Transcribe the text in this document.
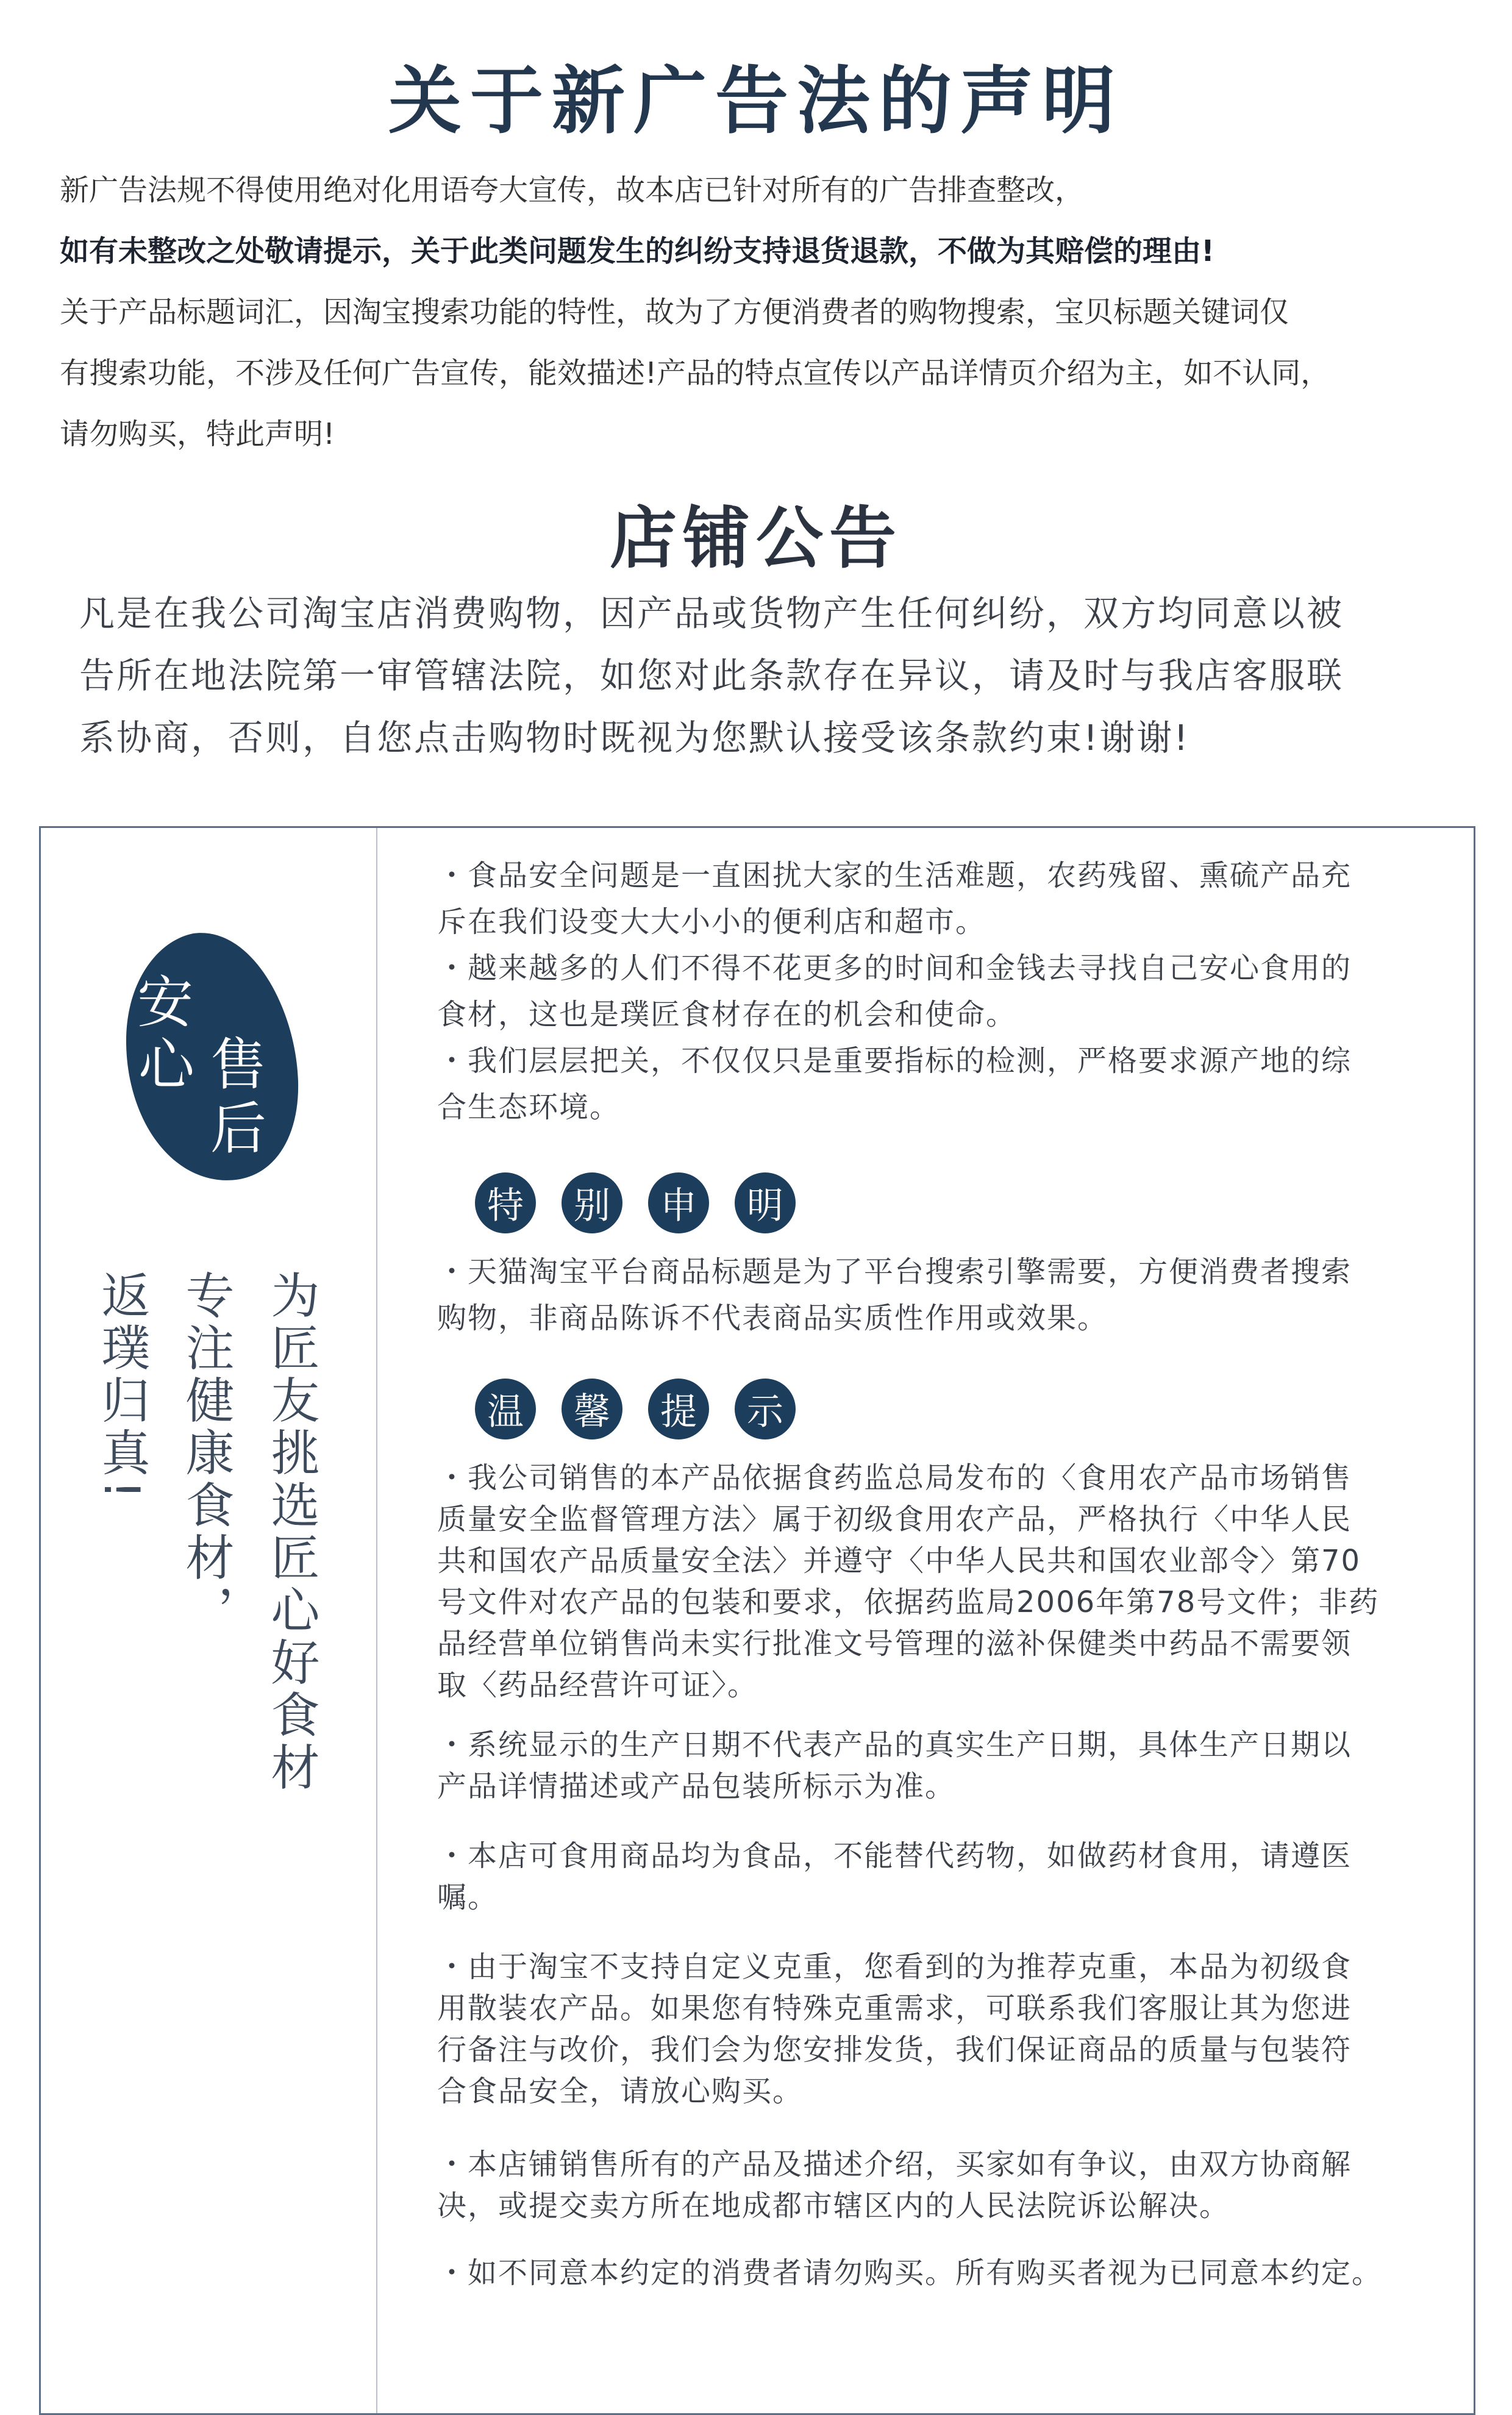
关于新广告法的声明

新广告法规不得使用绝对化用语夸大宣传，故本店已针对所有的广告排查整改，

如有未整改之处敬请提示，关于此类问题发生的纠纷支持退货退款，不做为其赔偿的理由!

关于产品标题词汇，因淘宝搜索功能的特性，故为了方便消费者的购物搜索，宝贝标题关键词仅

有搜索功能，不涉及任何广告宣传，能效描述!产品的特点宣传以产品详情页介绍为主，如不认同，

请勿购买，特此声明!

店铺公告

凡是在我公司淘宝店消费购物，因产品或货物产生任何纠纷，双方均同意以被

告所在地法院第一审管辖法院，如您对此条款存在异议，请及时与我店客服联

系协商，否则，自您点击购物时既视为您默认接受该条款约束!谢谢!

安
心 售
后
为匠友挑选匠心好食材
专注健康食材，
返璞归真!

・食品安全问题是一直困扰大家的生活难题，农药残留、熏硫产品充
斥在我们设变大大小小的便利店和超市。

・越来越多的人们不得不花更多的时间和金钱去寻找自己安心食用的
食材，这也是璞匠食材存在的机会和使命。

・我们层层把关，不仅仅只是重要指标的检测，严格要求源产地的综
合生态环境。

特	别	申	明

・天猫淘宝平台商品标题是为了平台搜索引擎需要，方便消费者搜索
购物，非商品陈诉不代表商品实质性作用或效果。

温	馨	提	示

・我公司销售的本产品依据食药监总局发布的〈食用农产品市场销售
质量安全监督管理方法〉属于初级食用农产品，严格执行〈中华人民
共和国农产品质量安全法〉并遵守〈中华人民共和国农业部令〉第70
号文件对农产品的包装和要求，依据药监局2006年第78号文件；非药
品经营单位销售尚未实行批准文号管理的滋补保健类中药品不需要领
取〈药品经营许可证〉。

・系统显示的生产日期不代表产品的真实生产日期，具体生产日期以
产品详情描述或产品包装所标示为准。

・本店可食用商品均为食品，不能替代药物，如做药材食用，请遵医
嘱。

・由于淘宝不支持自定义克重，您看到的为推荐克重，本品为初级食
用散装农产品。如果您有特殊克重需求，可联系我们客服让其为您进
行备注与改价，我们会为您安排发货，我们保证商品的质量与包装符
合食品安全，请放心购买。

・本店铺销售所有的产品及描述介绍，买家如有争议，由双方协商解
决，或提交卖方所在地成都市辖区内的人民法院诉讼解决。

・如不同意本约定的消费者请勿购买。所有购买者视为已同意本约定。
